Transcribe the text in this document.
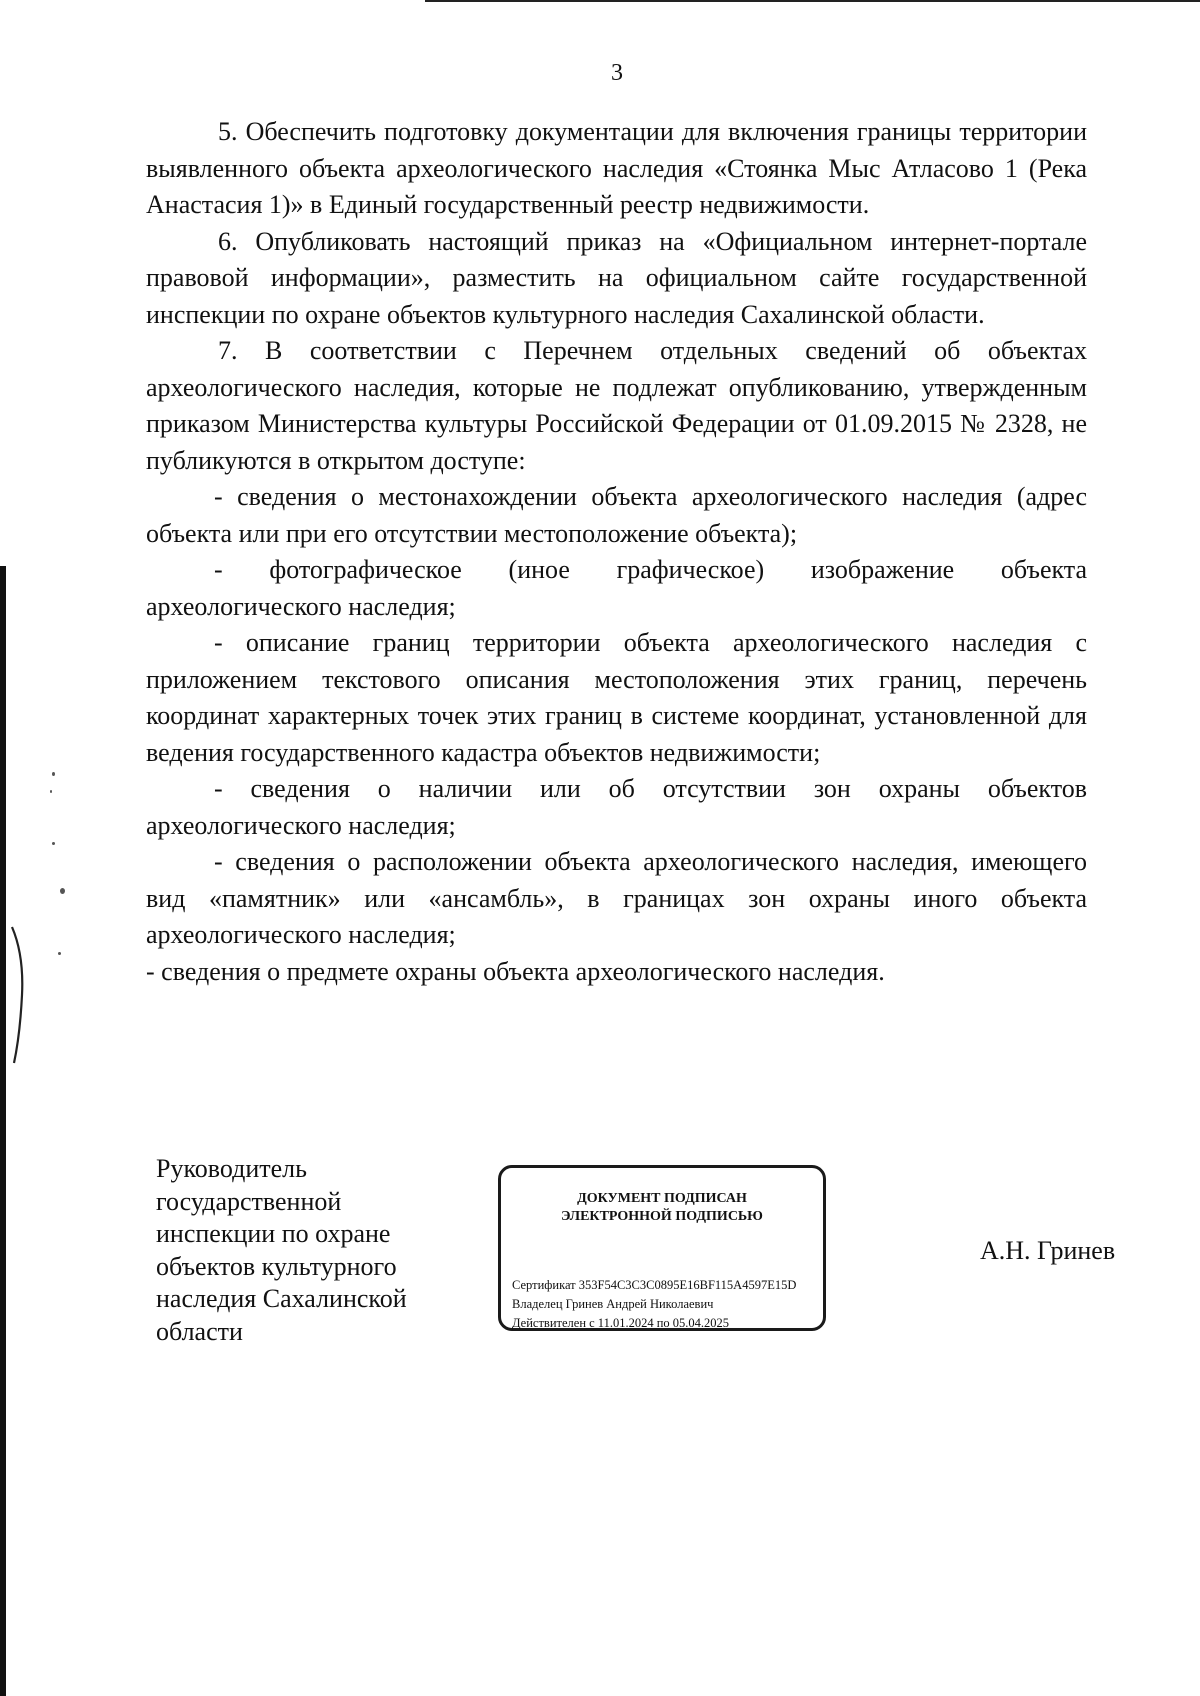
3

5. Обеспечить подготовку документации для включения границы территории выявленного объекта археологического наследия «Стоянка Мыс Атласово 1 (Река Анастасия 1)» в Единый государственный реестр недвижимости.

6. Опубликовать настоящий приказ на «Официальном интернет-портале правовой информации», разместить на официальном сайте государственной инспекции по охране объектов культурного наследия Сахалинской области.

7. В соответствии с Перечнем отдельных сведений об объектах археологического наследия, которые не подлежат опубликованию, утвержденным приказом Министерства культуры Российской Федерации от 01.09.2015 № 2328, не публикуются в открытом доступе:

- сведения о местонахождении объекта археологического наследия (адрес объекта или при его отсутствии местоположение объекта);

- фотографическое (иное графическое) изображение объекта археологического наследия;

- описание границ территории объекта археологического наследия с приложением текстового описания местоположения этих границ, перечень координат характерных точек этих границ в системе координат, установленной для ведения государственного кадастра объектов недвижимости;

- сведения о наличии или об отсутствии зон охраны объектов археологического наследия;

- сведения о расположении объекта археологического наследия, имеющего вид «памятник» или «ансамбль», в границах зон охраны иного объекта археологического наследия;

- сведения о предмете охраны объекта археологического наследия.

Руководитель государственной инспекции по охране объектов культурного наследия Сахалинской области
ДОКУМЕНТ ПОДПИСАН
ЭЛЕКТРОННОЙ ПОДПИСЬЮ
Сертификат 353F54C3C3C0895E16BF115A4597E15D
Владелец Гринев Андрей Николаевич
Действителен с 11.01.2024 по 05.04.2025
А.Н. Гринев
